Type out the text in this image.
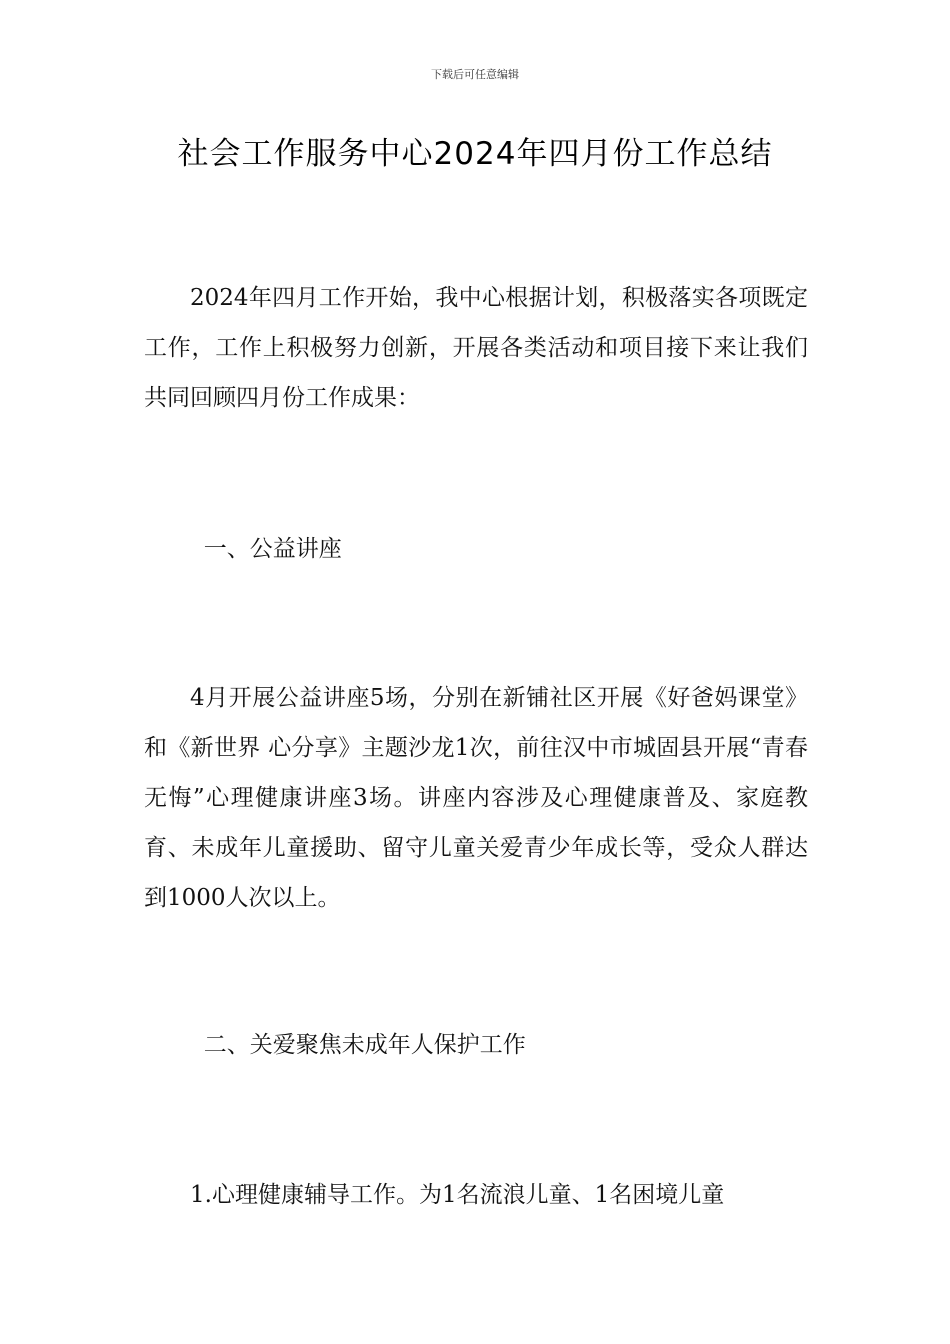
下载后可任意编辑
社会工作服务中心2024年四月份工作总结

2024年四月工作开始，我中心根据计划，积极落实各项既定工作，工作上积极努力创新，开展各类活动和项目接下来让我们共同回顾四月份工作成果：

一、公益讲座

4月开展公益讲座5场，分别在新铺社区开展《好爸妈课堂》和《新世界 心分享》主题沙龙1次，前往汉中市城固县开展“青春无悔”心理健康讲座3场。讲座内容涉及心理健康普及、家庭教育、未成年儿童援助、留守儿童关爱青少年成长等，受众人群达到1000人次以上。

二、关爱聚焦未成年人保护工作

1.心理健康辅导工作。为1名流浪儿童、1名困境儿童
